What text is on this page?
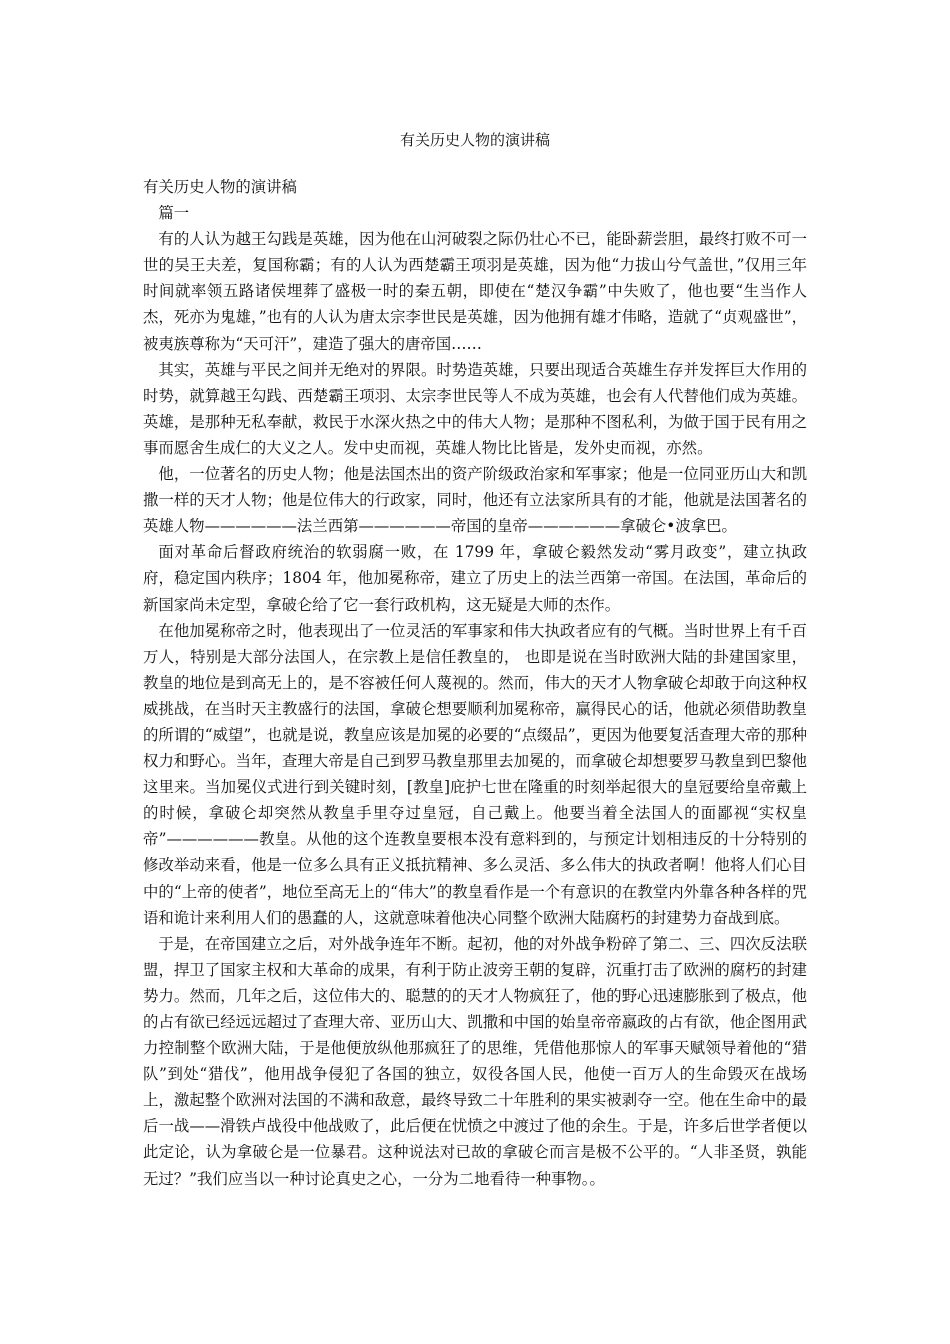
有关历史人物的演讲稿

有关历史人物的演讲稿

篇一

有的人认为越王勾践是英雄，因为他在山河破裂之际仍壮心不已，能卧薪尝胆，最终打败不可一世的吴王夫差，复国称霸；有的人认为西楚霸王项羽是英雄，因为他“力拔山兮气盖世，”仅用三年时间就率领五路诸侯埋葬了盛极一时的秦五朝，即使在“楚汉争霸”中失败了，他也要“生当作人杰，死亦为鬼雄，”也有的人认为唐太宗李世民是英雄，因为他拥有雄才伟略，造就了“贞观盛世”，被夷族尊称为“天可汗”，建造了强大的唐帝国……

其实，英雄与平民之间并无绝对的界限。时势造英雄，只要出现适合英雄生存并发挥巨大作用的时势，就算越王勾践、西楚霸王项羽、太宗李世民等人不成为英雄，也会有人代替他们成为英雄。英雄，是那种无私奉献，救民于水深火热之中的伟大人物；是那种不图私利，为做于国于民有用之事而愿舍生成仁的大义之人。发中史而视，英雄人物比比皆是，发外史而视，亦然。

他，一位著名的历史人物；他是法国杰出的资产阶级政治家和军事家；他是一位同亚历山大和凯撒一样的天才人物；他是位伟大的行政家，同时，他还有立法家所具有的才能，他就是法国著名的英雄人物——————法兰西第——————帝国的皇帝——————拿破仑•波拿巴。

面对革命后督政府统治的软弱腐一败，在 1799 年，拿破仑毅然发动“雾月政变”，建立执政府，稳定国内秩序；1804 年，他加冕称帝，建立了历史上的法兰西第一帝国。在法国，革命后的新国家尚未定型，拿破仑给了它一套行政机构，这无疑是大师的杰作。

在他加冕称帝之时，他表现出了一位灵活的军事家和伟大执政者应有的气概。当时世界上有千百万人，特别是大部分法国人，在宗教上是信任教皇的， 也即是说在当时欧洲大陆的卦建国家里，教皇的地位是到高无上的，是不容被任何人蔑视的。然而，伟大的天才人物拿破仑却敢于向这种权威挑战，在当时天主教盛行的法国，拿破仑想要顺利加冕称帝，赢得民心的话，他就必须借助教皇的所谓的“威望”，也就是说，教皇应该是加冕的必要的“点缀品”，更因为他要复活查理大帝的那种权力和野心。当年，查理大帝是自己到罗马教皇那里去加冕的，而拿破仑却想要罗马教皇到巴黎他这里来。当加冕仪式进行到关键时刻，[教皇]庇护七世在隆重的时刻举起很大的皇冠要给皇帝戴上的时候，拿破仑却突然从教皇手里夺过皇冠，自己戴上。他要当着全法国人的面鄙视“实权皇帝”——————教皇。从他的这个连教皇要根本没有意料到的，与预定计划相违反的十分特别的修改举动来看，他是一位多么具有正义抵抗精神、多么灵活、多么伟大的执政者啊！他将人们心目中的“上帝的使者”，地位至高无上的“伟大”的教皇看作是一个有意识的在教堂内外靠各种各样的咒语和诡计来利用人们的愚蠢的人，这就意味着他决心同整个欧洲大陆腐朽的封建势力奋战到底。

于是，在帝国建立之后，对外战争连年不断。起初，他的对外战争粉碎了第二、三、四次反法联盟，捍卫了国家主权和大革命的成果，有利于防止波旁王朝的复辟，沉重打击了欧洲的腐朽的封建势力。然而，几年之后，这位伟大的、聪慧的的天才人物疯狂了，他的野心迅速膨胀到了极点，他的占有欲已经远远超过了查理大帝、亚历山大、凯撒和中国的始皇帝帝嬴政的占有欲，他企图用武力控制整个欧洲大陆，于是他便放纵他那疯狂了的思维，凭借他那惊人的军事天赋领导着他的“猎队”到处“猎伐”，他用战争侵犯了各国的独立，奴役各国人民，他使一百万人的生命毁灭在战场上，激起整个欧洲对法国的不满和敌意，最终导致二十年胜利的果实被剥夺一空。他在生命中的最后一战——滑铁卢战役中他战败了，此后便在忧愤之中渡过了他的余生。于是，许多后世学者便以此定论，认为拿破仑是一位暴君。这种说法对已故的拿破仑而言是极不公平的。“人非圣贤，孰能无过？”我们应当以一种讨论真史之心，一分为二地看待一种事物。。
